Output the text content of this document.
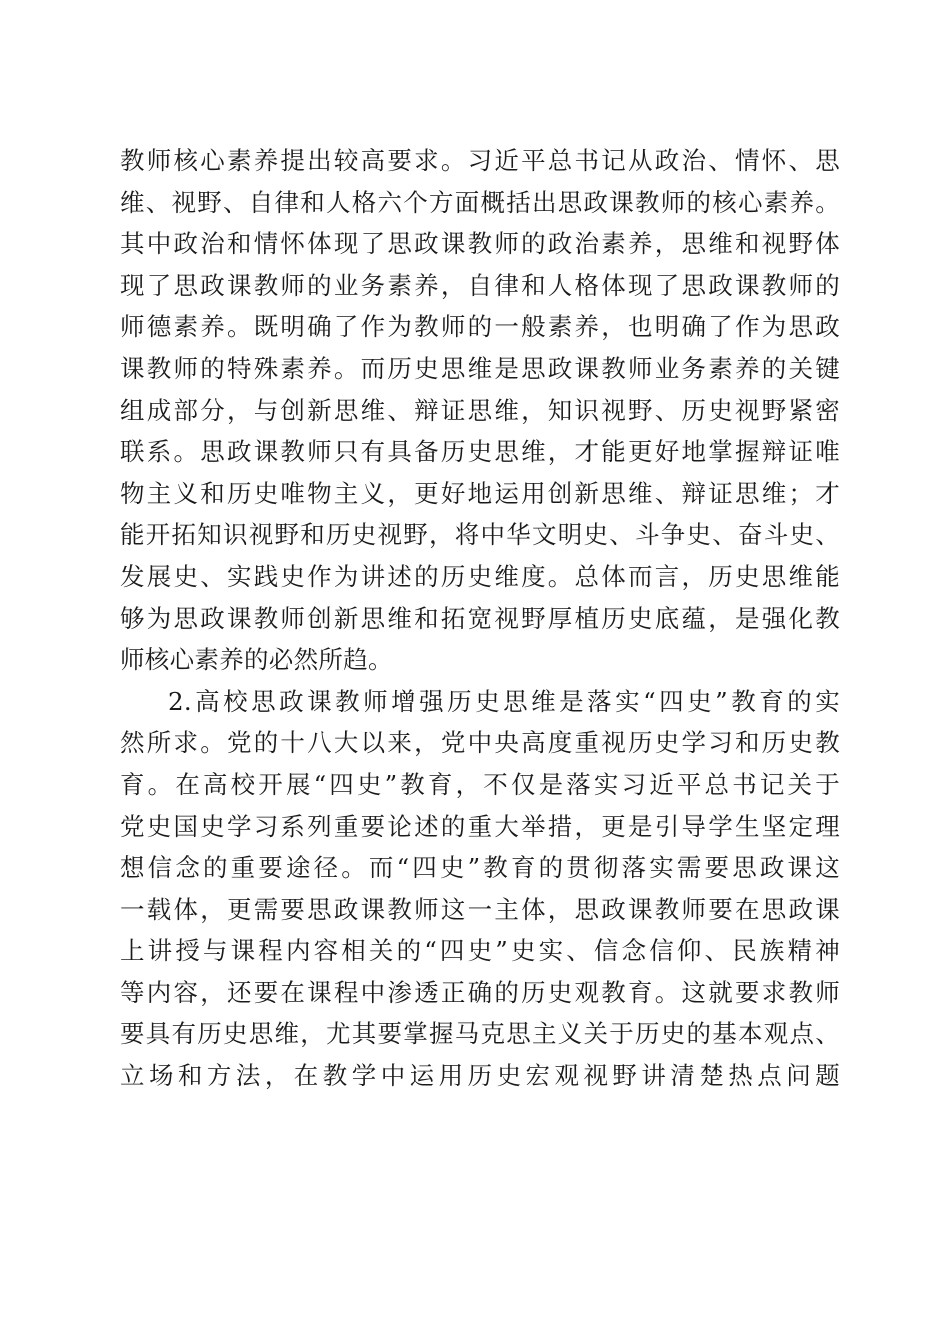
教师核心素养提出较高要求。习近平总书记从政治、情怀、思
维、视野、自律和人格六个方面概括出思政课教师的核心素养。
其中政治和情怀体现了思政课教师的政治素养，思维和视野体
现了思政课教师的业务素养，自律和人格体现了思政课教师的
师德素养。既明确了作为教师的一般素养，也明确了作为思政
课教师的特殊素养。而历史思维是思政课教师业务素养的关键
组成部分，与创新思维、辩证思维，知识视野、历史视野紧密
联系。思政课教师只有具备历史思维，才能更好地掌握辩证唯
物主义和历史唯物主义，更好地运用创新思维、辩证思维；才
能开拓知识视野和历史视野，将中华文明史、斗争史、奋斗史、
发展史、实践史作为讲述的历史维度。总体而言，历史思维能
够为思政课教师创新思维和拓宽视野厚植历史底蕴，是强化教
师核心素养的必然所趋。
2.高校思政课教师增强历史思维是落实“四史”教育的实
然所求。党的十八大以来，党中央高度重视历史学习和历史教
育。在高校开展“四史”教育，不仅是落实习近平总书记关于
党史国史学习系列重要论述的重大举措，更是引导学生坚定理
想信念的重要途径。而“四史”教育的贯彻落实需要思政课这
一载体，更需要思政课教师这一主体，思政课教师要在思政课
上讲授与课程内容相关的“四史”史实、信念信仰、民族精神
等内容，还要在课程中渗透正确的历史观教育。这就要求教师
要具有历史思维，尤其要掌握马克思主义关于历史的基本观点、
立场和方法，在教学中运用历史宏观视野讲清楚热点问题
